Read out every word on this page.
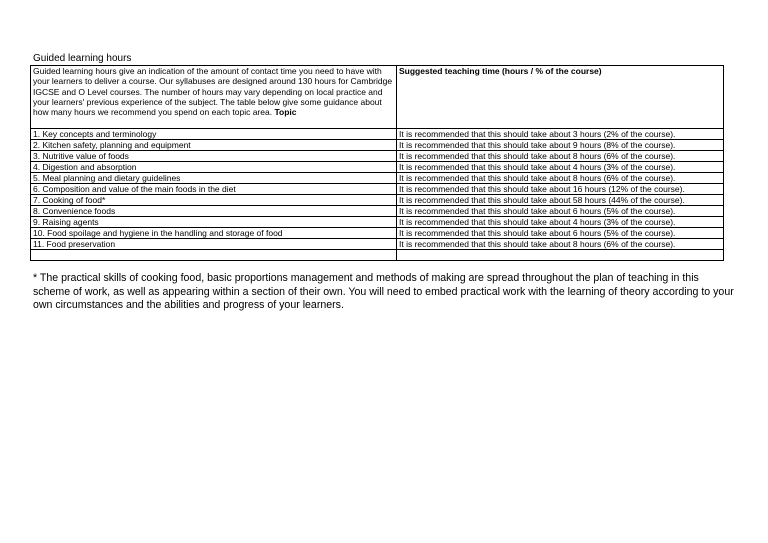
Guided learning hours
Guided learning hours give an indication of the amount of contact time you need to have with your learners to deliver a course. Our syllabuses are designed around 130 hours for Cambridge IGCSE and O Level courses. The number of hours may vary depending on local practice and your learners' previous experience of the subject. The table below give some guidance about how many hours we recommend you spend on each topic area. Topic	Suggested teaching time (hours / % of the course)
1. Key concepts and terminology	It is recommended that this should take about 3 hours (2% of the course).
2. Kitchen safety, planning and equipment	It is recommended that this should take about 9 hours (8% of the course).
3. Nutritive value of foods	It is recommended that this should take about 8 hours (6% of the course).
4. Digestion and absorption	It is recommended that this should take about 4 hours (3% of the course).
5. Meal planning and dietary guidelines	It is recommended that this should take about 8 hours (6% of the course).
6. Composition and value of the main foods in the diet	It is recommended that this should take about 16 hours (12% of the course).
7. Cooking of food*	It is recommended that this should take about 58 hours (44% of the course).
8. Convenience foods	It is recommended that this should take about 6 hours (5% of the course).
9. Raising agents	It is recommended that this should take about 4 hours (3% of the course).
10. Food spoilage and hygiene in the handling and storage of food	It is recommended that this should take about 6 hours (5% of the course).
11. Food preservation	It is recommended that this should take about 8 hours (6% of the course).

* The practical skills of cooking food, basic proportions management and methods of making are spread throughout the plan of teaching in this scheme of work, as well as appearing within a section of their own. You will need to embed practical work with the learning of theory according to your own circumstances and the abilities and progress of your learners.
